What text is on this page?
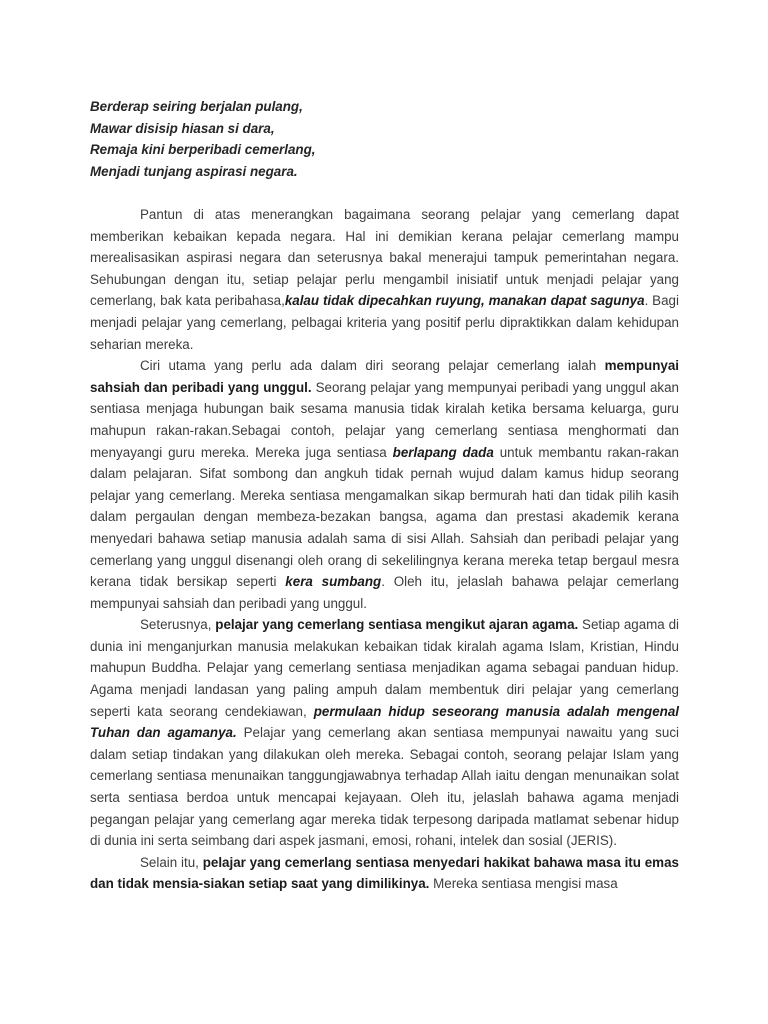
Berderap seiring berjalan pulang,
Mawar disisip hiasan si dara,
Remaja kini berperibadi cemerlang,
Menjadi tunjang aspirasi negara.

Pantun di atas menerangkan bagaimana seorang pelajar yang cemerlang dapat memberikan kebaikan kepada negara. Hal ini demikian kerana pelajar cemerlang mampu merealisasikan aspirasi negara dan seterusnya bakal menerajui tampuk pemerintahan negara. Sehubungan dengan itu, setiap pelajar perlu mengambil inisiatif untuk menjadi pelajar yang cemerlang, bak kata peribahasa,kalau tidak dipecahkan ruyung, manakan dapat sagunya. Bagi menjadi pelajar yang cemerlang, pelbagai kriteria yang positif perlu dipraktikkan dalam kehidupan seharian mereka.

Ciri utama yang perlu ada dalam diri seorang pelajar cemerlang ialah mempunyai sahsiah dan peribadi yang unggul. Seorang pelajar yang mempunyai peribadi yang unggul akan sentiasa menjaga hubungan baik sesama manusia tidak kiralah ketika bersama keluarga, guru mahupun rakan-rakan.Sebagai contoh, pelajar yang cemerlang sentiasa menghormati dan menyayangi guru mereka. Mereka juga sentiasa berlapang dada untuk membantu rakan-rakan dalam pelajaran. Sifat sombong dan angkuh tidak pernah wujud dalam kamus hidup seorang pelajar yang cemerlang. Mereka sentiasa mengamalkan sikap bermurah hati dan tidak pilih kasih dalam pergaulan dengan membeza-bezakan bangsa, agama dan prestasi akademik kerana menyedari bahawa setiap manusia adalah sama di sisi Allah. Sahsiah dan peribadi pelajar yang cemerlang yang unggul disenangi oleh orang di sekelilingnya kerana mereka tetap bergaul mesra kerana tidak bersikap seperti kera sumbang. Oleh itu, jelaslah bahawa pelajar cemerlang mempunyai sahsiah dan peribadi yang unggul.

Seterusnya, pelajar yang cemerlang sentiasa mengikut ajaran agama. Setiap agama di dunia ini menganjurkan manusia melakukan kebaikan tidak kiralah agama Islam, Kristian, Hindu mahupun Buddha. Pelajar yang cemerlang sentiasa menjadikan agama sebagai panduan hidup. Agama menjadi landasan yang paling ampuh dalam membentuk diri pelajar yang cemerlang seperti kata seorang cendekiawan, permulaan hidup seseorang manusia adalah mengenal Tuhan dan agamanya. Pelajar yang cemerlang akan sentiasa mempunyai nawaitu yang suci dalam setiap tindakan yang dilakukan oleh mereka. Sebagai contoh, seorang pelajar Islam yang cemerlang sentiasa menunaikan tanggungjawabnya terhadap Allah iaitu dengan menunaikan solat serta sentiasa berdoa untuk mencapai kejayaan. Oleh itu, jelaslah bahawa agama menjadi pegangan pelajar yang cemerlang agar mereka tidak terpesong daripada matlamat sebenar hidup di dunia ini serta seimbang dari aspek jasmani, emosi, rohani, intelek dan sosial (JERIS).

Selain itu, pelajar yang cemerlang sentiasa menyedari hakikat bahawa masa itu emas dan tidak mensia-siakan setiap saat yang dimilikinya. Mereka sentiasa mengisi masa
